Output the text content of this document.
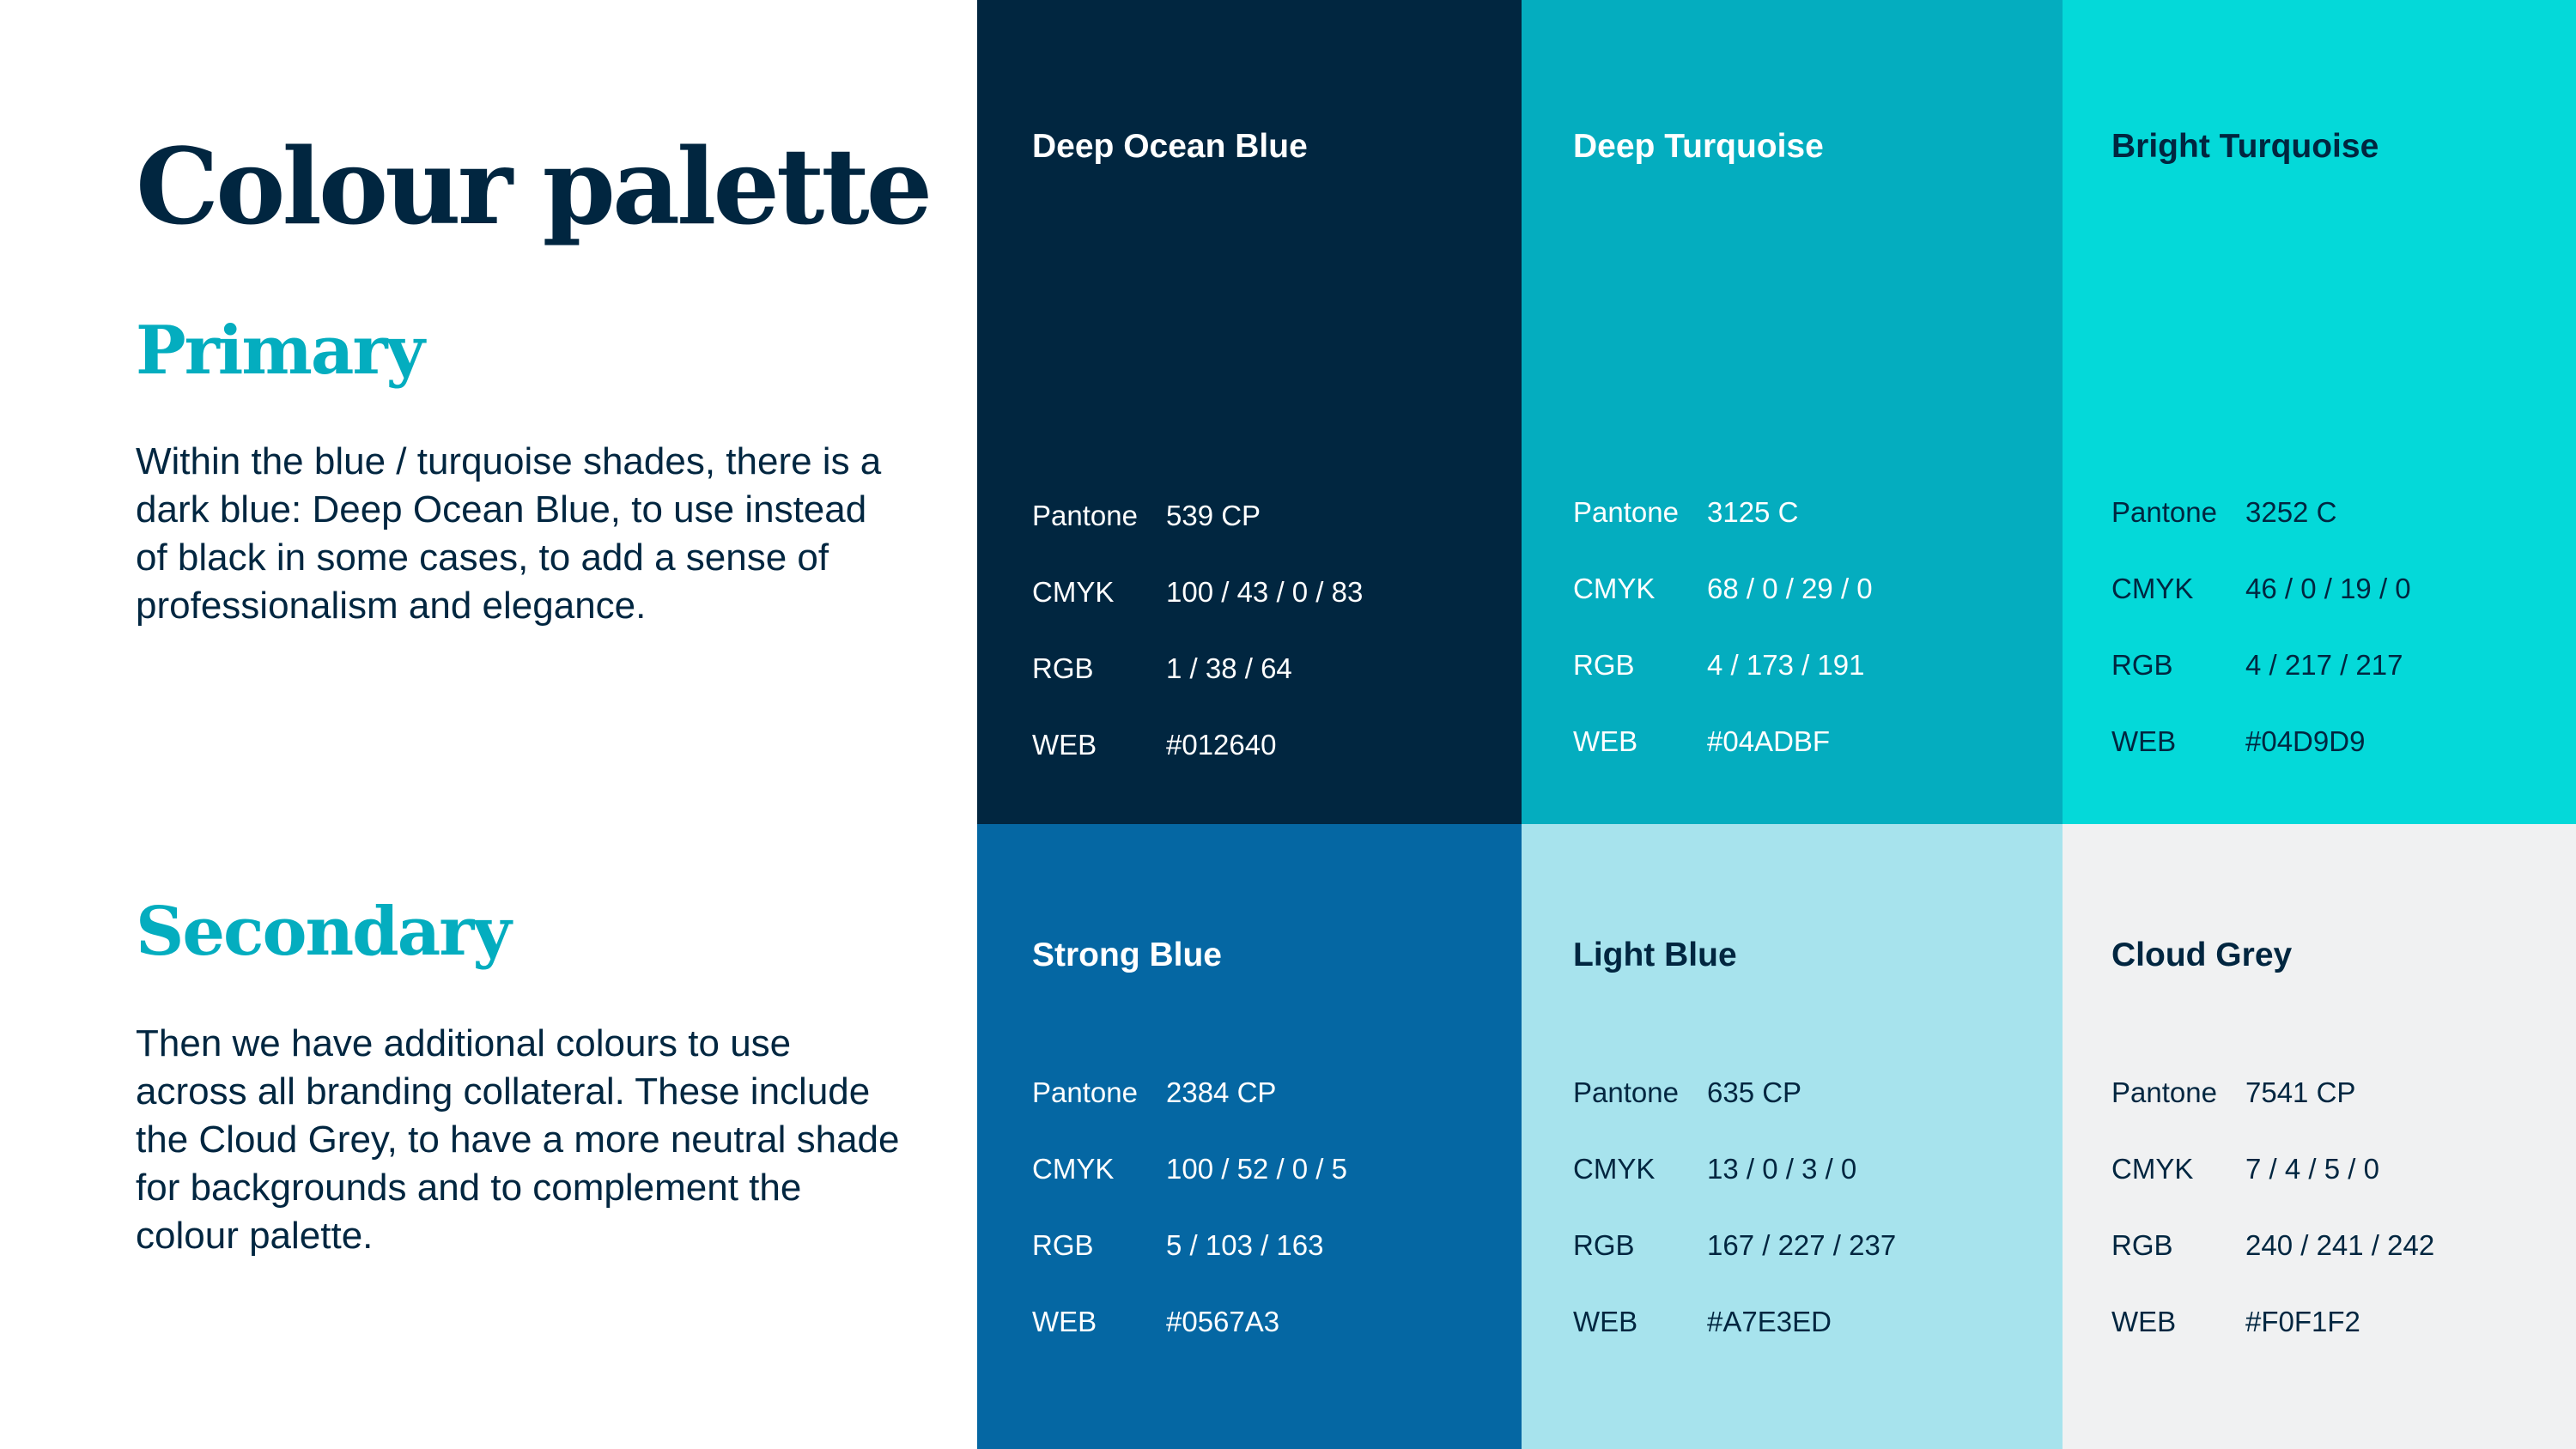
Colour palette
Primary

Within the blue / turquoise shades, there is a dark blue: Deep Ocean Blue, to use instead of black in some cases, to add a sense of professionalism and elegance.

Secondary

Then we have additional colours to use across all branding collateral. These include the Cloud Grey, to have a more neutral shade for backgrounds and to complement the colour palette.

Deep Ocean Blue
Pantone	539 CP
CMYK	100 / 43 / 0 / 83
RGB	1 / 38 / 64
WEB	#012640
Deep Turquoise
Pantone	3125 C
CMYK	68 / 0 / 29 / 0
RGB	4 / 173 / 191
WEB	#04ADBF
Bright Turquoise
Pantone	3252 C
CMYK	46 / 0 / 19 / 0
RGB	4 / 217 / 217
WEB	#04D9D9
Strong Blue
Pantone	2384 CP
CMYK	100 / 52 / 0 / 5
RGB	5 / 103 / 163
WEB	#0567A3
Light Blue
Pantone	635 CP
CMYK	13 / 0 / 3 / 0
RGB	167 / 227 / 237
WEB	#A7E3ED
Cloud Grey
Pantone	7541 CP
CMYK	7 / 4 / 5 / 0
RGB	240 / 241 / 242
WEB	#F0F1F2
